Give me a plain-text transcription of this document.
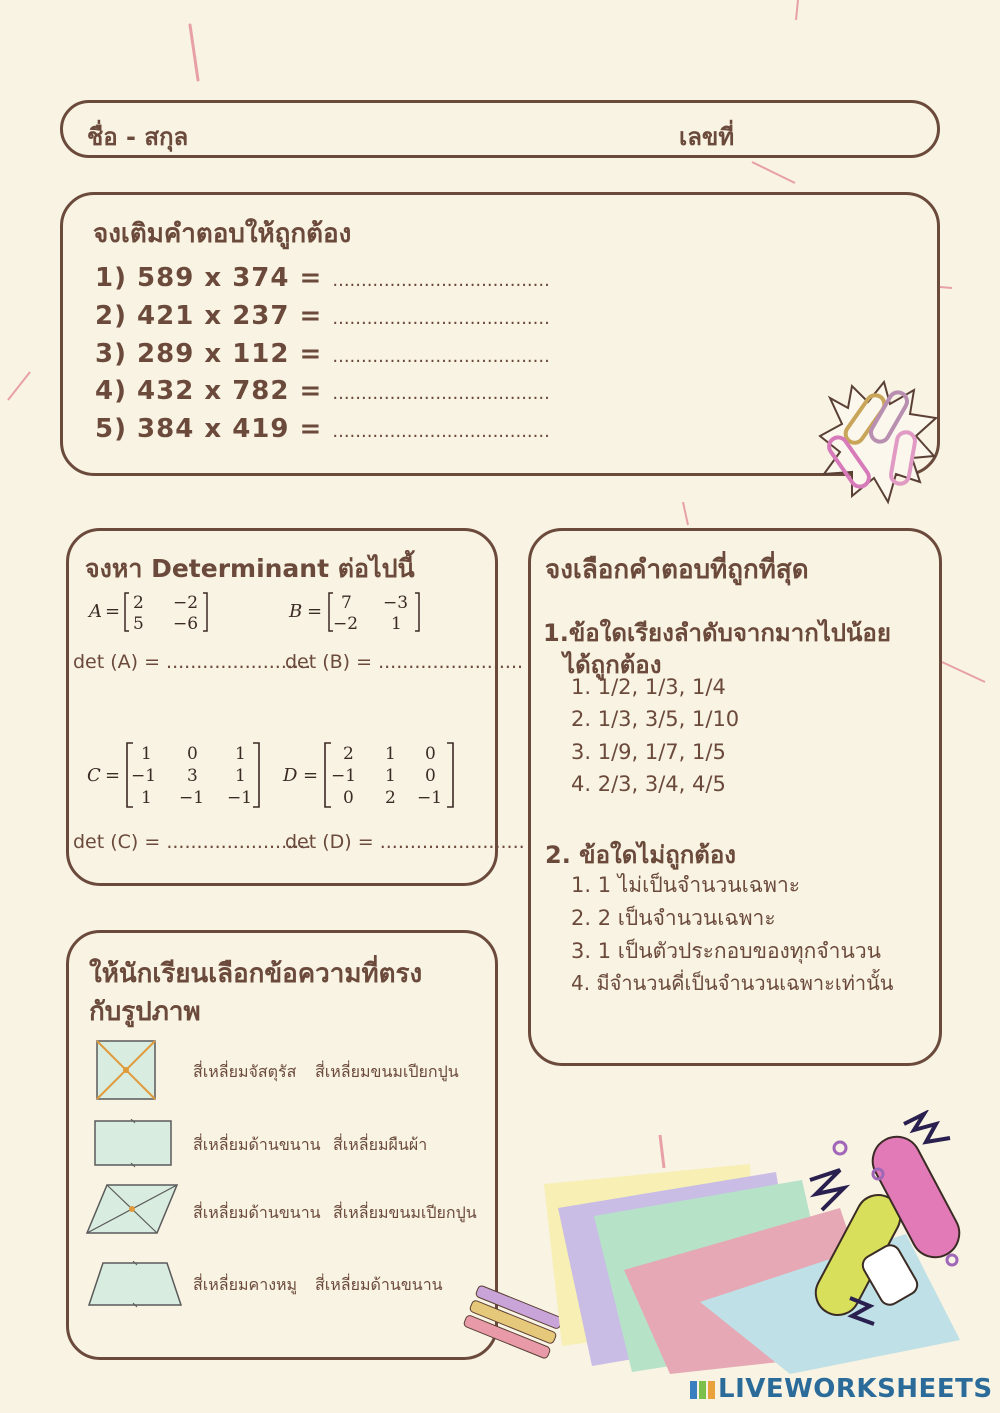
ชื่อ - สกุล	เลขที่
จงเติมคำตอบให้ถูกต้อง
1) 589 x 374 = ......................................
2) 421 x 237 = ......................................
3) 289 x 112 = ......................................
4) 432 x 782 = ......................................
5) 384 x 419 = ......................................
จงหา Determinant ต่อไปนี้
A = 2 −2
5 −6
B = 7 −3
−2 1
det (A) = ........................
det (B) = ........................
C =
1 0 1
−1 3 1
1 −1 −1
D =
2 1 0
−1 1 0
0 2 −1
det (C) = ........................
det (D) = ........................
จงเลือกคำตอบที่ถูกที่สุด
1.ข้อใดเรียงลำดับจากมากไปน้อย
ได้ถูกต้อง
1. 1/2, 1/3, 1/4
2. 1/3, 3/5, 1/10
3. 1/9, 1/7, 1/5
4. 2/3, 3/4, 4/5
2. ข้อใดไม่ถูกต้อง
1. 1 ไม่เป็นจำนวนเฉพาะ
2. 2 เป็นจำนวนเฉพาะ
3. 1 เป็นตัวประกอบของทุกจำนวน
4. มีจำนวนคี่เป็นจำนวนเฉพาะเท่านั้น
ให้นักเรียนเลือกข้อความที่ตรง
กับรูปภาพ
สี่เหลี่ยมจัสตุรัส สี่เหลี่ยมขนมเปียกปูน
สี่เหลี่ยมด้านขนาน สี่เหลี่ยมผืนผ้า
สี่เหลี่ยมด้านขนาน สี่เหลี่ยมขนมเปียกปูน
สี่เหลี่ยมคางหมู สี่เหลี่ยมด้านขนาน
LIVEWORKSHEETS
